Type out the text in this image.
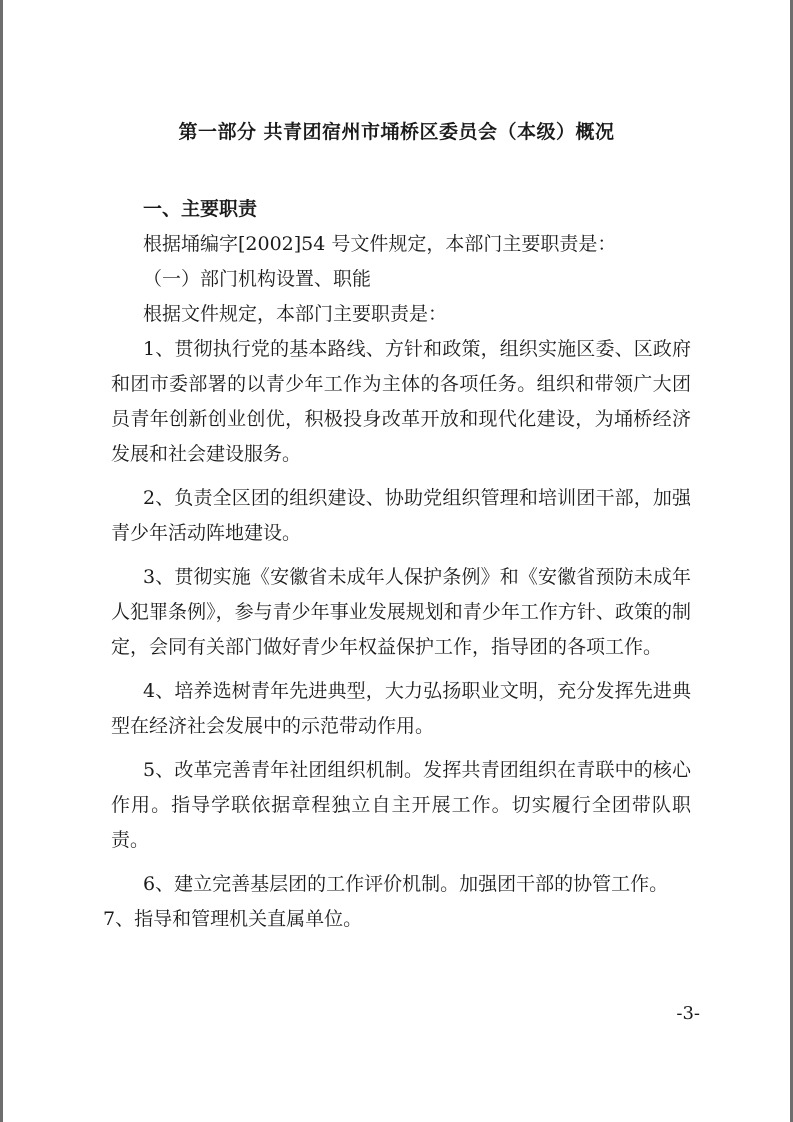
第一部分 共青团宿州市埇桥区委员会（本级）概况

一、主要职责

根据埇编字[2002]54 号文件规定，本部门主要职责是：

（一）部门机构设置、职能

根据文件规定，本部门主要职责是：

1、贯彻执行党的基本路线、方针和政策，组织实施区委、区政府和团市委部署的以青少年工作为主体的各项任务。组织和带领广大团员青年创新创业创优，积极投身改革开放和现代化建设，为埇桥经济发展和社会建设服务。

2、负责全区团的组织建设、协助党组织管理和培训团干部，加强青少年活动阵地建设。

3、贯彻实施《安徽省未成年人保护条例》和《安徽省预防未成年人犯罪条例》，参与青少年事业发展规划和青少年工作方针、政策的制定，会同有关部门做好青少年权益保护工作，指导团的各项工作。

4、培养选树青年先进典型，大力弘扬职业文明，充分发挥先进典型在经济社会发展中的示范带动作用。

5、改革完善青年社团组织机制。发挥共青团组织在青联中的核心作用。指导学联依据章程独立自主开展工作。切实履行全团带队职责。

6、建立完善基层团的工作评价机制。加强团干部的协管工作。

7、指导和管理机关直属单位。

-3-
